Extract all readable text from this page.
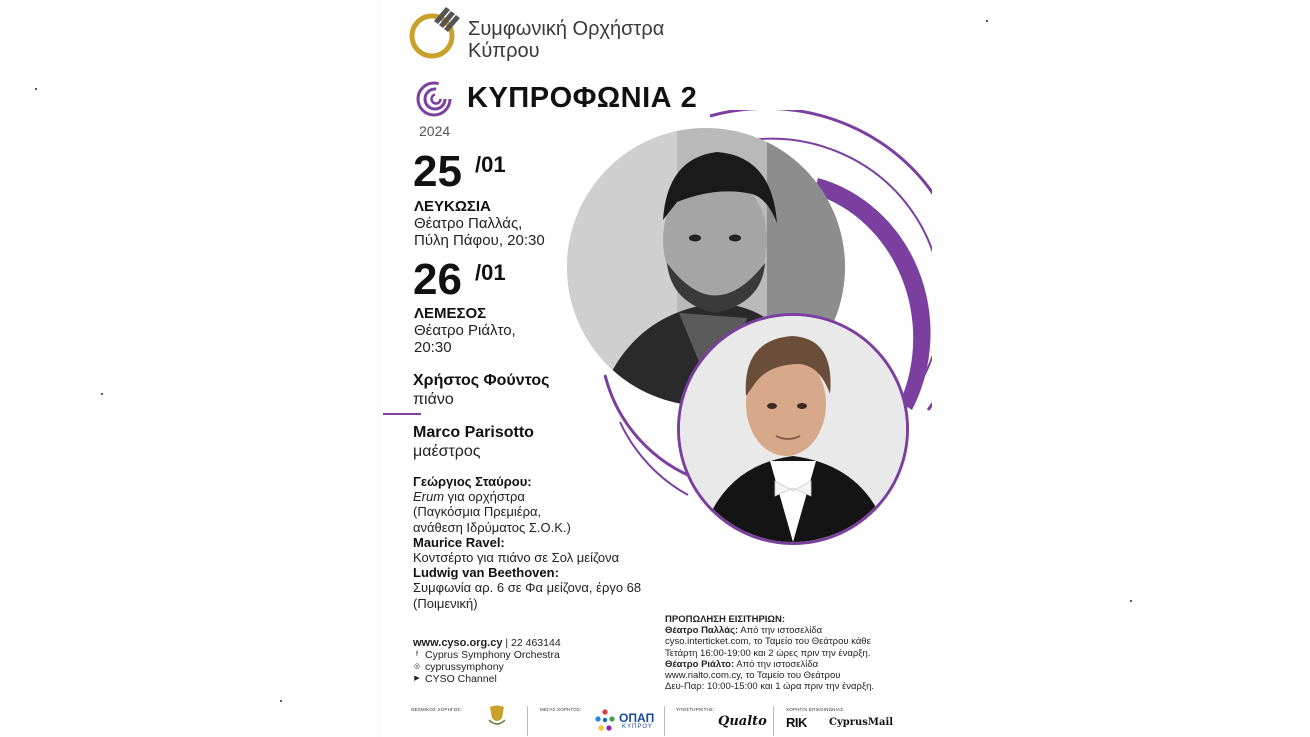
Συμφωνική Ορχήστρα
Κύπρου
ΚΥΠΡΟΦΩΝΙΑ 2
2024
25 /01
ΛΕΥΚΩΣΙΑ
Θέατρο Παλλάς,
Πύλη Πάφου, 20:30
26 /01
ΛΕΜΕΣΟΣ
Θέατρο Ριάλτο,
20:30
Χρήστος Φούντος
πιάνο
Marco Parisotto
μαέστρος
Γεώργιος Σταύρου:
Erum για ορχήστρα
(Παγκόσμια Πρεμιέρα,
ανάθεση Ιδρύματος Σ.Ο.Κ.)
Maurice Ravel:
Κοντσέρτο για πιάνο σε Σολ μείζονα
Ludwig van Beethoven:
Συμφωνία αρ. 6 σε Φα μείζονα, έργο 68
(Ποιμενική)
www.cyso.org.cy | 22 463144
f Cyprus Symphony Orchestra
◎ cyprussymphony
▶ CYSO Channel
ΠΡΟΠΩΛΗΣΗ ΕΙΣΙΤΗΡΙΩΝ:
Θέατρο Παλλάς: Από την ιστοσελίδα
cyso.interticket.com, το Ταμείο του Θεάτρου κάθε
Τετάρτη 16:00-19:00 και 2 ώρες πριν την έναρξη.
Θέατρο Ριάλτο: Από την ιστοσελίδα
www.rialto.com.cy, το Ταμείο του Θεάτρου
Δευ-Παρ: 10:00-15:00 και 1 ώρα πριν την έναρξη.
ΘΕΣΜΙΚΟΣ ΧΟΡΗΓΟΣ:	ΜΕΓΑΣ ΧΟΡΗΓΟΣ:
ΟΠΑΠ
ΚΥΠΡΟΥ
ΥΠΟΣΤΗΡΙΚΤΗΣ:
Qualto
ΧΟΡΗΓΟΙ ΕΠΙΚΟΙΝΩΝΙΑΣ:
RIK CyprusMail
